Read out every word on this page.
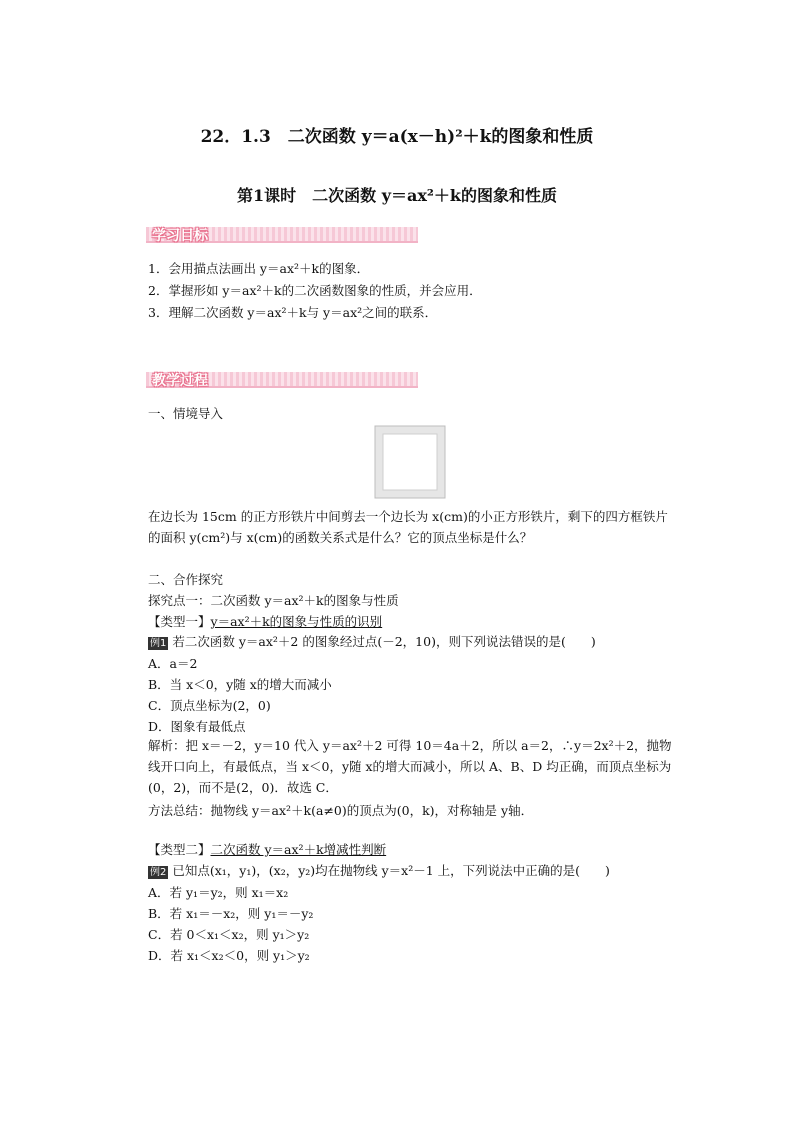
22．1.3　二次函数 y＝a(x－h)²＋k的图象和性质
第1课时　二次函数 y＝ax²＋k的图象和性质
学习目标
1．会用描点法画出 y＝ax²＋k的图象．
2．掌握形如 y＝ax²＋k的二次函数图象的性质，并会应用．
3．理解二次函数 y＝ax²＋k与 y＝ax²之间的联系．
教学过程
一、情境导入
在边长为 15cm 的正方形铁片中间剪去一个边长为 x(cm)的小正方形铁片，剩下的四方框铁片的面积 y(cm²)与 x(cm)的函数关系式是什么？它的顶点坐标是什么？
二、合作探究
探究点一：二次函数 y＝ax²＋k的图象与性质
【类型一】y＝ax²＋k的图象与性质的识别
例1 若二次函数 y＝ax²＋2 的图象经过点(－2，10)，则下列说法错误的是(　　)
A．a＝2
B．当 x＜0，y随 x的增大而减小
C．顶点坐标为(2，0)
D．图象有最低点
解析：把 x＝－2，y＝10 代入 y＝ax²＋2 可得 10＝4a＋2，所以 a＝2，∴y＝2x²＋2，抛物线开口向上，有最低点，当 x＜0，y随 x的增大而减小，所以 A、B、D 均正确，而顶点坐标为(0，2)，而不是(2，0)．故选 C．
方法总结：抛物线 y＝ax²＋k(a≠0)的顶点为(0，k)，对称轴是 y轴．
【类型二】二次函数 y＝ax²＋k增减性判断
例2 已知点(x₁，y₁)，(x₂，y₂)均在抛物线 y＝x²－1 上，下列说法中正确的是(　　)
A．若 y₁＝y₂，则 x₁＝x₂
B．若 x₁＝－x₂，则 y₁＝－y₂
C．若 0＜x₁＜x₂，则 y₁＞y₂
D．若 x₁＜x₂＜0，则 y₁＞y₂
